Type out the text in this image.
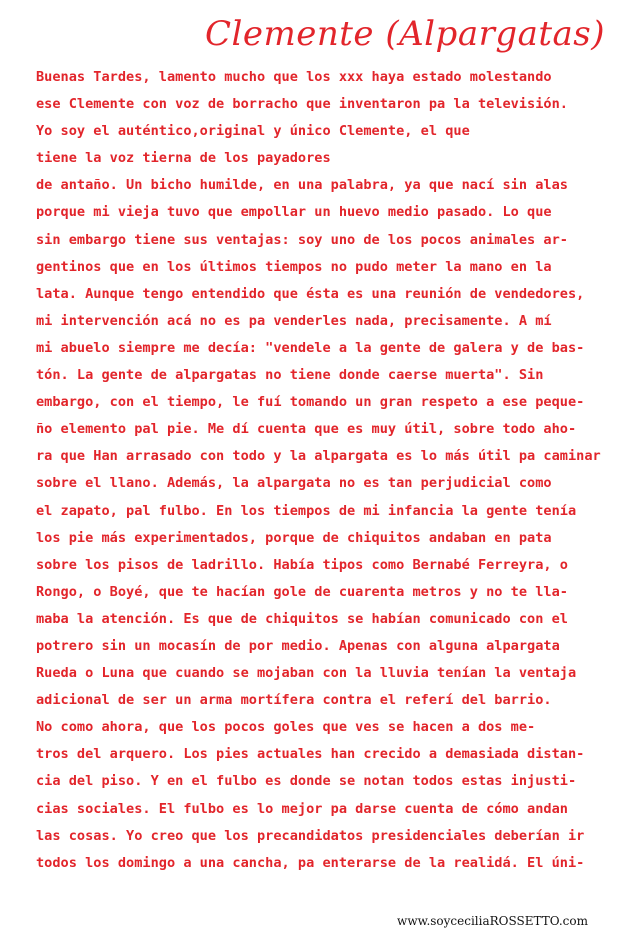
Clemente (Alpargatas)
Buenas Tardes, lamento mucho que los xxx haya estado molestando
ese Clemente con voz de borracho que inventaron pa la televisión.
Yo soy el auténtico,original y único Clemente, el que
tiene la voz tierna de los payadores
de antaño. Un bicho humilde, en una palabra, ya que nací sin alas
porque mi vieja tuvo que empollar un huevo medio pasado. Lo que
sin embargo tiene sus ventajas: soy uno de los pocos animales ar-
gentinos que en los últimos tiempos no pudo meter la mano en la
lata. Aunque tengo entendido que ésta es una reunión de vendedores,
mi intervención acá no es pa venderles nada, precisamente. A mí
mi abuelo siempre me decía: "vendele a la gente de galera y de bas-
tón. La gente de alpargatas no tiene donde caerse muerta". Sin
embargo, con el tiempo, le fuí tomando un gran respeto a ese peque-
ño elemento pal pie. Me dí cuenta que es muy útil, sobre todo aho-
ra que Han arrasado con todo y la alpargata es lo más útil pa caminar
sobre el llano. Además, la alpargata no es tan perjudicial como
el zapato, pal fulbo. En los tiempos de mi infancia la gente tenía
los pie más experimentados, porque de chiquitos andaban en pata
sobre los pisos de ladrillo. Había tipos como Bernabé Ferreyra, o
Rongo, o Boyé, que te hacían gole de cuarenta metros y no te lla-
maba la atención. Es que de chiquitos se habían comunicado con el
potrero sin un mocasín de por medio. Apenas con alguna alpargata
Rueda o Luna que cuando se mojaban con la lluvia tenían la ventaja
adicional de ser un arma mortífera contra el referí del barrio.
No como ahora, que los pocos goles que ves se hacen a dos me-
tros del arquero. Los pies actuales han crecido a demasiada distan-
cia del piso. Y en el fulbo es donde se notan todos estas injusti-
cias sociales. El fulbo es lo mejor pa darse cuenta de cómo andan
las cosas. Yo creo que los precandidatos presidenciales deberían ir
todos los domingo a una cancha, pa enterarse de la realidá. El úni-
www.soyceciliaROSSETTO.com
